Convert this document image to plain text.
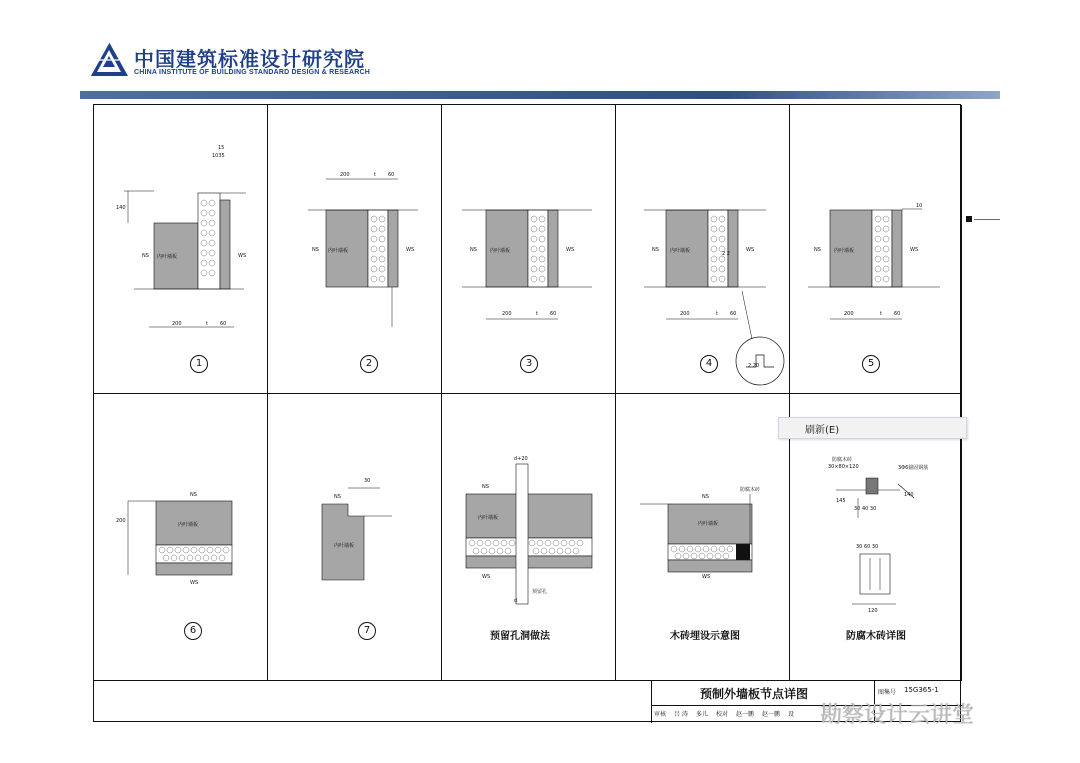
中国建筑标准设计研究院
CHINA INSTITUTE OF BUILDING STANDARD DESIGN & RESEARCH
内叶墙板
NS	WS
200	t 60
140
15
1035
1
内叶墙板
NS	WS
200	t 60
2
内叶墙板
NS	WS
200	t 60
3
内叶墙板
NS	WS
200	t 60
2 2
2 20
4
内叶墙板
NS	WS
200	t 60
10
5
内叶墙板
NS
WS
200
6
内叶墙板
NS
30
7
内叶墙板
NS
WS
d+20
预留孔
d
预留孔洞做法
内叶墙板
NS
WS
防腐木砖
木砖埋设示意图
防腐木砖
30×80×120	3Φ6锚固钢筋
145
30 40 30
30 60 30
120
140
防腐木砖详图
预制外墙板节点详图	图集号 15G365-1
审核 吕 涛 多儿 校对 赵一鹏 赵一鹏 设
刷新(E)
勘察设计云讲堂
